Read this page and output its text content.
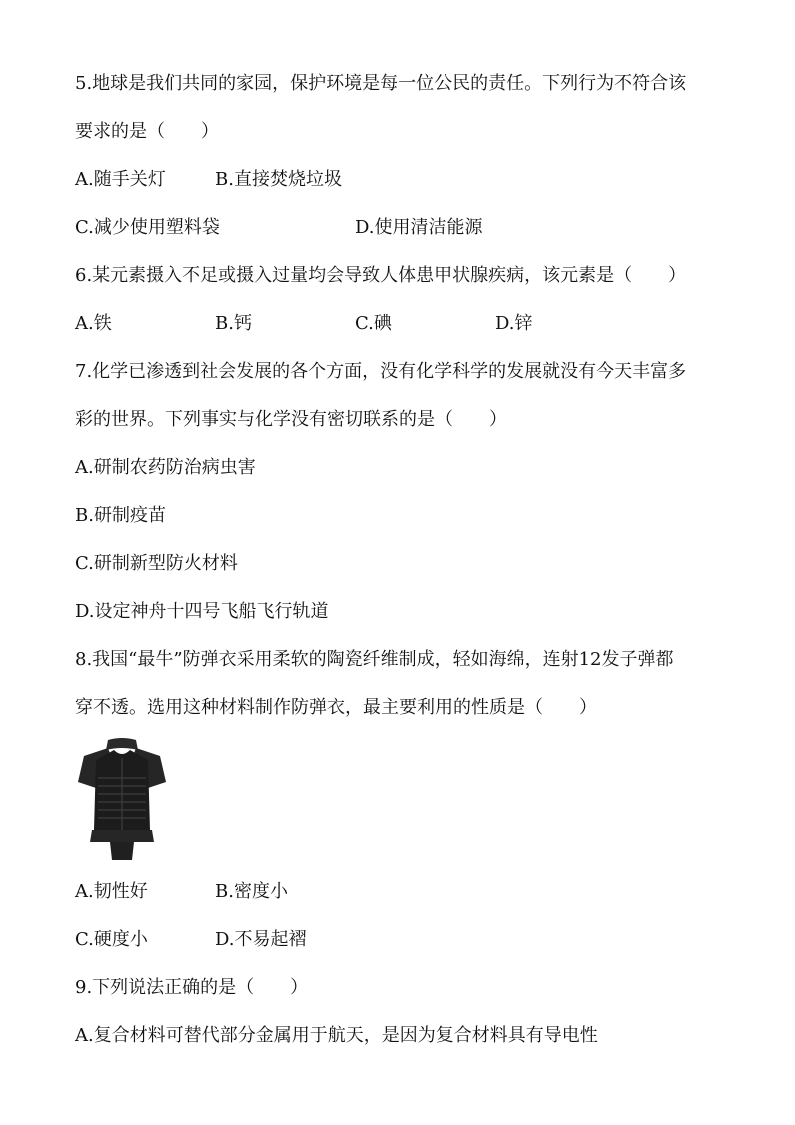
5.地球是我们共同的家园，保护环境是每一位公民的责任。下列行为不符合该
要求的是（　　）
A.随手关灯	B.直接焚烧垃圾
C.减少使用塑料袋	D.使用清洁能源
6.某元素摄入不足或摄入过量均会导致人体患甲状腺疾病，该元素是（　　）
A.铁	B.钙	C.碘	D.锌
7.化学已渗透到社会发展的各个方面，没有化学科学的发展就没有今天丰富多
彩的世界。下列事实与化学没有密切联系的是（　　）
A.研制农药防治病虫害
B.研制疫苗
C.研制新型防火材料
D.设定神舟十四号飞船飞行轨道
8.我国“最牛”防弹衣采用柔软的陶瓷纤维制成，轻如海绵，连射12发子弹都
穿不透。选用这种材料制作防弹衣，最主要利用的性质是（　　）
A.韧性好	B.密度小
C.硬度小	D.不易起褶
9.下列说法正确的是（　　）
A.复合材料可替代部分金属用于航天，是因为复合材料具有导电性
